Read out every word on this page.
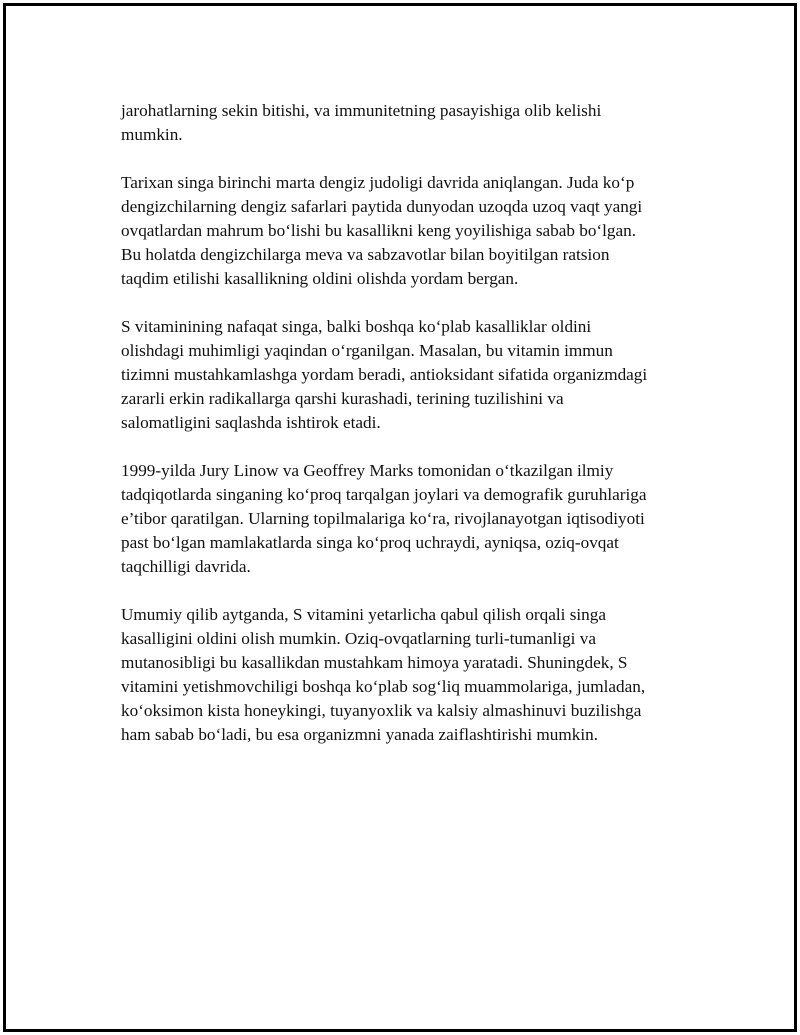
jarohatlarning sekin bitishi, va immunitetning pasayishiga olib kelishi
mumkin.

Tarixan singa birinchi marta dengiz judoligi davrida aniqlangan. Juda ko‘p
dengizchilarning dengiz safarlari paytida dunyodan uzoqda uzoq vaqt yangi
ovqatlardan mahrum bo‘lishi bu kasallikni keng yoyilishiga sabab bo‘lgan.
Bu holatda dengizchilarga meva va sabzavotlar bilan boyitilgan ratsion
taqdim etilishi kasallikning oldini olishda yordam bergan.

S vitaminining nafaqat singa, balki boshqa ko‘plab kasalliklar oldini
olishdagi muhimligi yaqindan o‘rganilgan. Masalan, bu vitamin immun
tizimni mustahkamlashga yordam beradi, antioksidant sifatida organizmdagi
zararli erkin radikallarga qarshi kurashadi, terining tuzilishini va
salomatligini saqlashda ishtirok etadi.

1999-yilda Jury Linow va Geoffrey Marks tomonidan o‘tkazilgan ilmiy
tadqiqotlarda singaning ko‘proq tarqalgan joylari va demografik guruhlariga
e’tibor qaratilgan. Ularning topilmalariga ko‘ra, rivojlanayotgan iqtisodiyoti
past bo‘lgan mamlakatlarda singa ko‘proq uchraydi, ayniqsa, oziq-ovqat
taqchilligi davrida.

Umumiy qilib aytganda, S vitamini yetarlicha qabul qilish orqali singa
kasalligini oldini olish mumkin. Oziq-ovqatlarning turli-tumanligi va
mutanosibligi bu kasallikdan mustahkam himoya yaratadi. Shuningdek, S
vitamini yetishmovchiligi boshqa ko‘plab sog‘liq muammolariga, jumladan,
ko‘oksimon kista honeykingi, tuyanyoxlik va kalsiy almashinuvi buzilishga
ham sabab bo‘ladi, bu esa organizmni yanada zaiflashtirishi mumkin.
